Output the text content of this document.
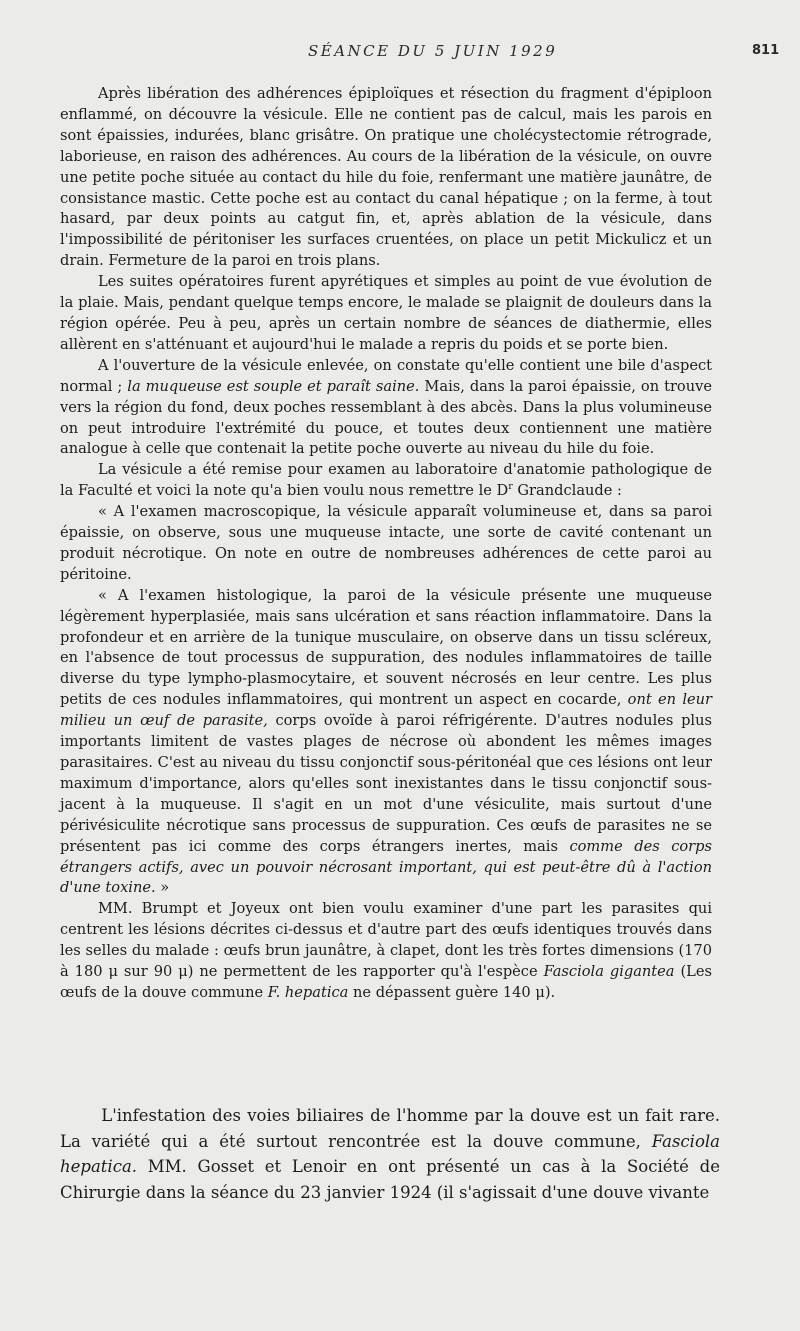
SÉANCE DU 5 JUIN 1929	811

Après libération des adhérences épiploïques et résection du fragment d'épiploon enflammé, on découvre la vésicule. Elle ne contient pas de calcul, mais les parois en sont épaissies, indurées, blanc grisâtre. On pratique une cholécystectomie rétrograde, laborieuse, en raison des adhérences. Au cours de la libération de la vésicule, on ouvre une petite poche située au contact du hile du foie, renfermant une matière jaunâtre, de consistance mastic. Cette poche est au contact du canal hépatique ; on la ferme, à tout hasard, par deux points au catgut fin, et, après ablation de la vésicule, dans l'impossibilité de péritoniser les surfaces cruentées, on place un petit Mickulicz et un drain. Fermeture de la paroi en trois plans.

Les suites opératoires furent apyrétiques et simples au point de vue évolution de la plaie. Mais, pendant quelque temps encore, le malade se plaignit de douleurs dans la région opérée. Peu à peu, après un certain nombre de séances de diathermie, elles allèrent en s'atténuant et aujourd'hui le malade a repris du poids et se porte bien.

A l'ouverture de la vésicule enlevée, on constate qu'elle contient une bile d'aspect normal ; la muqueuse est souple et paraît saine. Mais, dans la paroi épaissie, on trouve vers la région du fond, deux poches ressemblant à des abcès. Dans la plus volumineuse on peut introduire l'extrémité du pouce, et toutes deux contiennent une matière analogue à celle que contenait la petite poche ouverte au niveau du hile du foie.

La vésicule a été remise pour examen au laboratoire d'anatomie pathologique de la Faculté et voici la note qu'a bien voulu nous remettre le $D^r$ Grandclaude :

« A l'examen macroscopique, la vésicule apparaît volumineuse et, dans sa paroi épaissie, on observe, sous une muqueuse intacte, une sorte de cavité contenant un produit nécrotique. On note en outre de nombreuses adhérences de cette paroi au péritoine.

« A l'examen histologique, la paroi de la vésicule présente une muqueuse légèrement hyperplasiée, mais sans ulcération et sans réaction inflammatoire. Dans la profondeur et en arrière de la tunique musculaire, on observe dans un tissu scléreux, en l'absence de tout processus de suppuration, des nodules inflammatoires de taille diverse du type lympho-plasmocytaire, et souvent nécrosés en leur centre. Les plus petits de ces nodules inflammatoires, qui montrent un aspect en cocarde, ont en leur milieu un œuf de parasite, corps ovoïde à paroi réfrigérente. D'autres nodules plus importants limitent de vastes plages de nécrose où abondent les mêmes images parasitaires. C'est au niveau du tissu conjonctif sous-péritonéal que ces lésions ont leur maximum d'importance, alors qu'elles sont inexistantes dans le tissu conjonctif sous-jacent à la muqueuse. Il s'agit en un mot d'une vésiculite, mais surtout d'une périvésiculite nécrotique sans processus de suppuration. Ces œufs de parasites ne se présentent pas ici comme des corps étrangers inertes, mais comme des corps étrangers actifs, avec un pouvoir nécrosant important, qui est peut-être dû à l'action d'une toxine. »

MM. Brumpt et Joyeux ont bien voulu examiner d'une part les parasites qui centrent les lésions décrites ci-dessus et d'autre part des œufs identiques trouvés dans les selles du malade : œufs brun jaunâtre, à clapet, dont les très fortes dimensions (170 à 180 μ sur 90 μ) ne permettent de les rapporter qu'à l'espèce Fasciola gigantea (Les œufs de la douve commune F. hepatica ne dépassent guère 140 μ).

L'infestation des voies biliaires de l'homme par la douve est un fait rare. La variété qui a été surtout rencontrée est la douve commune, Fasciola hepatica. MM. Gosset et Lenoir en ont présenté un cas à la Société de Chirurgie dans la séance du 23 janvier 1924 (il s'agissait d'une douve vivante
